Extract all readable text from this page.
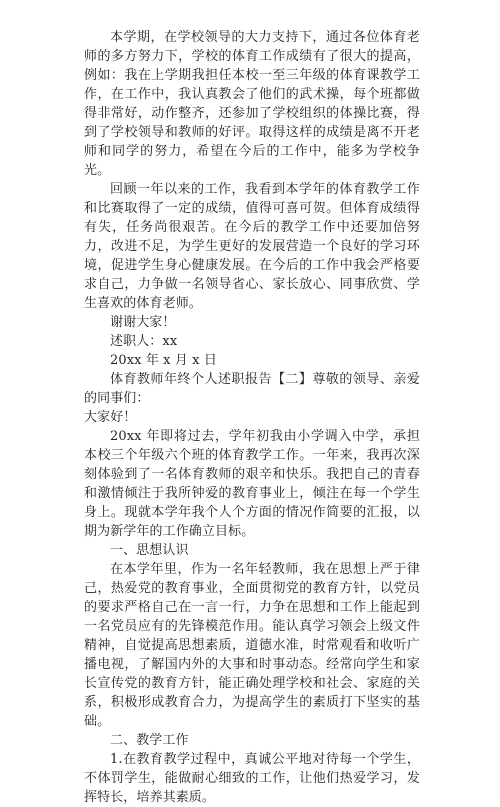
本学期，在学校领导的大力支持下，通过各位体育老师的多方努力下，学校的体育工作成绩有了很大的提高，例如：我在上学期我担任本校一至三年级的体育课教学工作，在工作中，我认真教会了他们的武术操，每个班都做得非常好，动作整齐，还参加了学校组织的体操比赛，得到了学校领导和教师的好评。取得这样的成绩是离不开老师和同学的努力，希望在今后的工作中，能多为学校争光。

回顾一年以来的工作，我看到本学年的体育教学工作和比赛取得了一定的成绩，值得可喜可贺。但体育成绩得有失，任务尚很艰苦。在今后的教学工作中还要加倍努力，改进不足，为学生更好的发展营造一个良好的学习环境，促进学生身心健康发展。在今后的工作中我会严格要求自己，力争做一名领导省心、家长放心、同事欣赏、学生喜欢的体育老师。

谢谢大家！

述职人：xx

20xx 年 x 月 x 日

体育教师年终个人述职报告【二】尊敬的领导、亲爱的同事们：

大家好！

20xx 年即将过去，学年初我由小学调入中学，承担本校三个年级六个班的体育教学工作。一年来，我再次深刻体验到了一名体育教师的艰辛和快乐。我把自己的青春和激情倾注于我所钟爱的教育事业上，倾注在每一个学生身上。现就本学年我个人个方面的情况作简要的汇报，以期为新学年的工作确立目标。

一、思想认识

在本学年里，作为一名年轻教师，我在思想上严于律己，热爱党的教育事业，全面贯彻党的教育方针，以党员的要求严格自己在一言一行，力争在思想和工作上能起到一名党员应有的先锋模范作用。能认真学习领会上级文件精神，自觉提高思想素质，道德水准，时常观看和收听广播电视，了解国内外的大事和时事动态。经常向学生和家长宣传党的教育方针，能正确处理学校和社会、家庭的关系，积极形成教育合力，为提高学生的素质打下坚实的基础。

二、教学工作

1.在教育教学过程中，真诚公平地对待每一个学生，不体罚学生，能做耐心细致的工作，让他们热爱学习，发挥特长，培养其素质。
